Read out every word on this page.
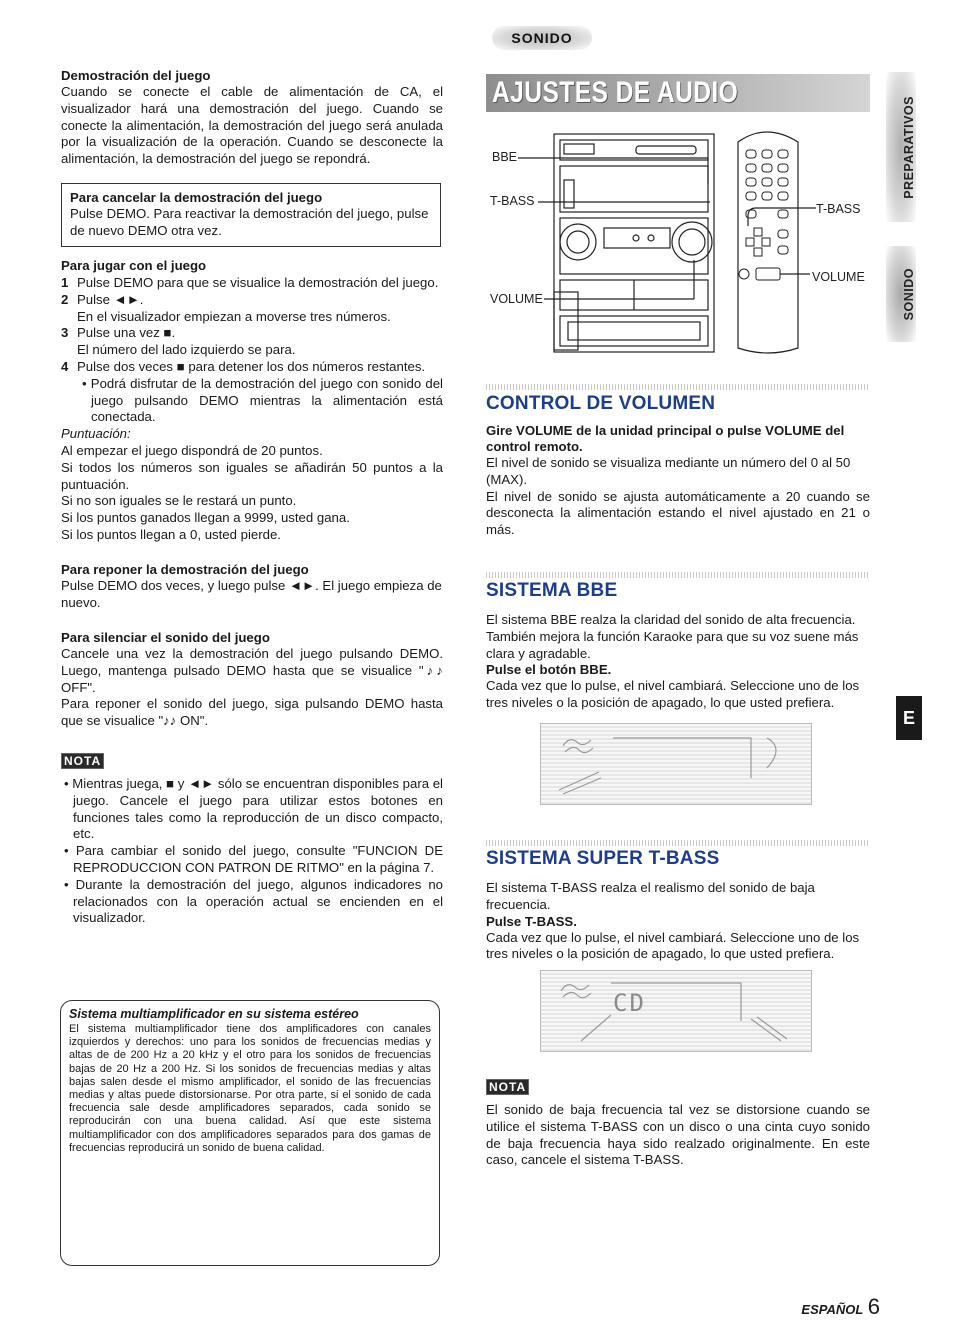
SONIDO
AJUSTES DE AUDIO
PREPARATIVOS
SONIDO
E

Demostración del juego

Cuando se conecte el cable de alimentación de CA, el visualizador hará una demostración del juego. Cuando se conecte la alimentación, la demostración del juego será anulada por la visualización de la operación. Cuando se desconecte la alimentación, la demostración del juego se repondrá.

Para cancelar la demostración del juego

Pulse DEMO. Para reactivar la demostración del juego, pulse de nuevo DEMO otra vez.

Para jugar con el juego

1 Pulse DEMO para que se visualice la demostración del juego.

2 Pulse ◄►.

En el visualizador empiezan a moverse tres números.

3 Pulse una vez ■.

El número del lado izquierdo se para.

4 Pulse dos veces ■ para detener los dos números restantes.

• Podrá disfrutar de la demostración del juego con sonido del juego pulsando DEMO mientras la alimentación está conectada.

Puntuación:

Al empezar el juego dispondrá de 20 puntos.

Si todos los números son iguales se añadirán 50 puntos a la puntuación.

Si no son iguales se le restará un punto.

Si los puntos ganados llegan a 9999, usted gana.

Si los puntos llegan a 0, usted pierde.

Para reponer la demostración del juego

Pulse DEMO dos veces, y luego pulse ◄►. El juego empieza de nuevo.

Para silenciar el sonido del juego

Cancele una vez la demostración del juego pulsando DEMO. Luego, mantenga pulsado DEMO hasta que se visualice "♪♪ OFF".

Para reponer el sonido del juego, siga pulsando DEMO hasta que se visualice "♪♪ ON".

NOTA

• Mientras juega, ■ y ◄► sólo se encuentran disponibles para el juego. Cancele el juego para utilizar estos botones en funciones tales como la reproducción de un disco compacto, etc.

• Para cambiar el sonido del juego, consulte "FUNCION DE REPRODUCCION CON PATRON DE RITMO" en la página 7.

• Durante la demostración del juego, algunos indicadores no relacionados con la operación actual se encienden en el visualizador.

Sistema multiamplificador en su sistema estéreo

El sistema multiamplificador tiene dos amplificadores con canales izquierdos y derechos: uno para los sonidos de frecuencias medias y altas de de 200 Hz a 20 kHz y el otro para los sonidos de frecuencias bajas de 20 Hz a 200 Hz. Si los sonidos de frecuencias medias y altas bajas salen desde el mismo amplificador, el sonido de las frecuencias medias y altas puede distorsionarse. Por otra parte, si el sonido de cada frecuencia sale desde amplificadores separados, cada sonido se reproducirán con una buena calidad. Así que este sistema multiamplificador con dos amplificadores separados para dos gamas de frecuencias reproducirá un sonido de buena calidad.

BBE
T-BASS
VOLUME
T-BASS
VOLUME

CONTROL DE VOLUMEN

Gire VOLUME de la unidad principal o pulse VOLUME del control remoto.

El nivel de sonido se visualiza mediante un número del 0 al 50 (MAX).

El nivel de sonido se ajusta automáticamente a 20 cuando se desconecta la alimentación estando el nivel ajustado en 21 o más.

SISTEMA BBE

El sistema BBE realza la claridad del sonido de alta frecuencia. También mejora la función Karaoke para que su voz suene más clara y agradable.

Pulse el botón BBE.

Cada vez que lo pulse, el nivel cambiará. Seleccione uno de los tres niveles o la posición de apagado, lo que usted prefiera.

SISTEMA SUPER T-BASS

El sistema T-BASS realza el realismo del sonido de baja frecuencia.

Pulse T-BASS.

Cada vez que lo pulse, el nivel cambiará. Seleccione uno de los tres niveles o la posición de apagado, lo que usted prefiera.

CD
NOTA

El sonido de baja frecuencia tal vez se distorsione cuando se utilice el sistema T-BASS con un disco o una cinta cuyo sonido de baja frecuencia haya sido realzado originalmente. En este caso, cancele el sistema T-BASS.

ESPAÑOL 6
